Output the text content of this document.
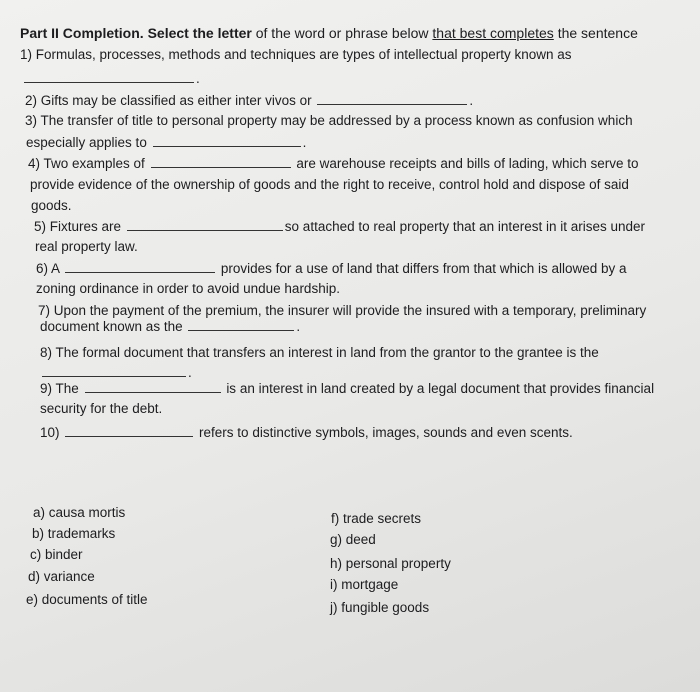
Part II Completion. Select the letter of the word or phrase below that best completes the sentence
1) Formulas, processes, methods and techniques are types of intellectual property known as
.
2) Gifts may be classified as either inter vivos or	.
3) The transfer of title to personal property may be addressed by a process known as confusion which
especially applies to	.
4) Two examples of	are warehouse receipts and bills of lading, which serve to
provide evidence of the ownership of goods and the right to receive, control hold and dispose of said
goods.
5) Fixtures are	so attached to real property that an interest in it arises under
real property law.
6) A	provides for a use of land that differs from that which is allowed by a
zoning ordinance in order to avoid undue hardship.
7) Upon the payment of the premium, the insurer will provide the insured with a temporary, preliminary
document known as the	.
8) The formal document that transfers an interest in land from the grantor to the grantee is the
.
9) The	is an interest in land created by a legal document that provides financial
security for the debt.
10)	refers to distinctive symbols, images, sounds and even scents.
a) causa mortis
b) trademarks
c) binder
d) variance
e) documents of title
f) trade secrets
g) deed
h) personal property
i) mortgage
j) fungible goods
